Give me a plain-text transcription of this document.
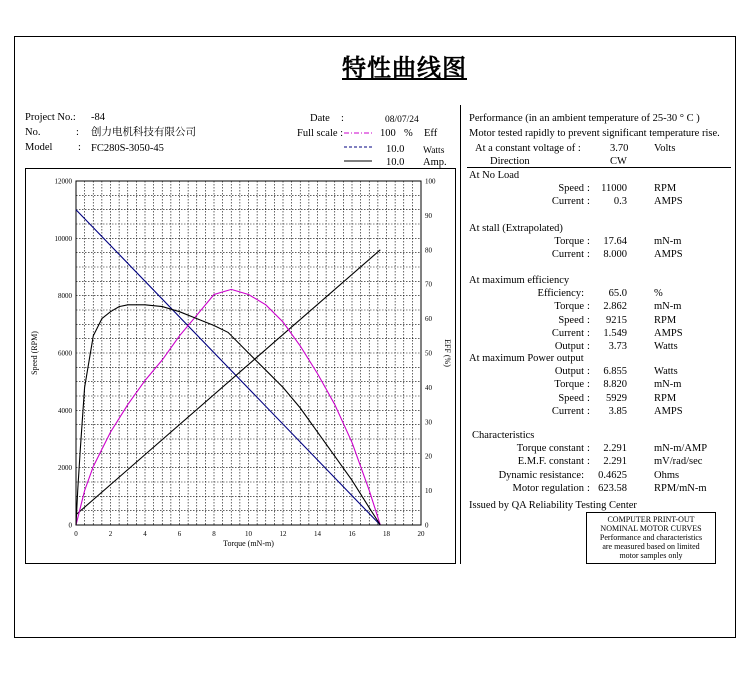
特性曲线图
Project No.: -84
No.	: 创力电机科技有限公司
Model : FC280S-3050-45
Date :	08/07/24
Full scale :	100 % Eff
10.0 Watts
10.0 Amp.
Performance (in an ambient temperature of 25-30 ° C )
Motor tested rapidly to prevent significant temperature rise.
At a constant voltage of :	3.70 Volts
Direction	CW
At No Load
Speed : 11000	RPM
Current : 0.3	AMPS
At stall (Extrapolated)
Torque : 17.64	mN-m
Current : 8.000	AMPS
At maximum efficiency
Efficiency: 65.0	%
Torque : 2.862	mN-m
Speed : 9215	RPM
Current : 1.549	AMPS
Output : 3.73	Watts
At maximum Power output
Output : 6.855	Watts
Torque : 8.820	mN-m
Speed : 5929	RPM
Current : 3.85	AMPS
Characteristics
Torque constant : 2.291	mN-m/AMP
E.M.F. constant : 2.291	mV/rad/sec
Dynamic resistance: 0.4625	Ohms
Motor regulation : 623.58	RPM/mN-m
Issued by QA Reliability Testing Center
COMPUTER PRINT-OUT
NOMINAL MOTOR CURVES
Performance and characteristics
are measured based on limited
motor samples only
0	2	4	6	8	10	12	14	16	18	20
0
2000
4000
6000
8000
10000
12000
0
10
20
30
40
50
60
70
80
90
100
Torque (mN-m)
Speed (RPM)	EFF (%)
